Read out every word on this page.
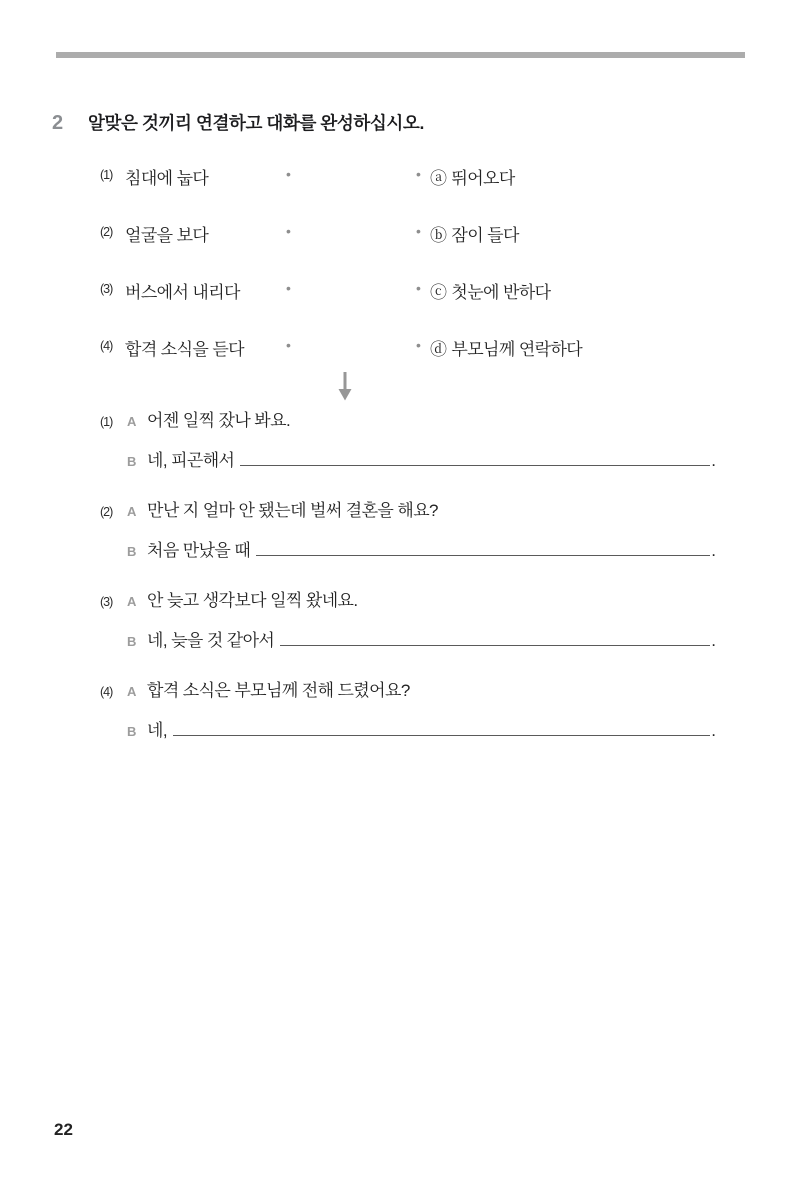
2	알맞은 것끼리 연결하고 대화를 완성하십시오.
(1) 침대에 눕다	•	• ⓐ 뛰어오다
(2) 얼굴을 보다	•	• ⓑ 잠이 들다
(3) 버스에서 내리다	•	• ⓒ 첫눈에 반하다
(4) 합격 소식을 듣다	•	• ⓓ 부모님께 연락하다
(1)	A 어젠 일찍 잤나 봐요.
B 네, 피곤해서	.
(2)	A 만난 지 얼마 안 됐는데 벌써 결혼을 해요?
B 처음 만났을 때	.
(3)	A 안 늦고 생각보다 일찍 왔네요.
B 네, 늦을 것 같아서	.
(4)	A 합격 소식은 부모님께 전해 드렸어요?
B 네,	.
22
